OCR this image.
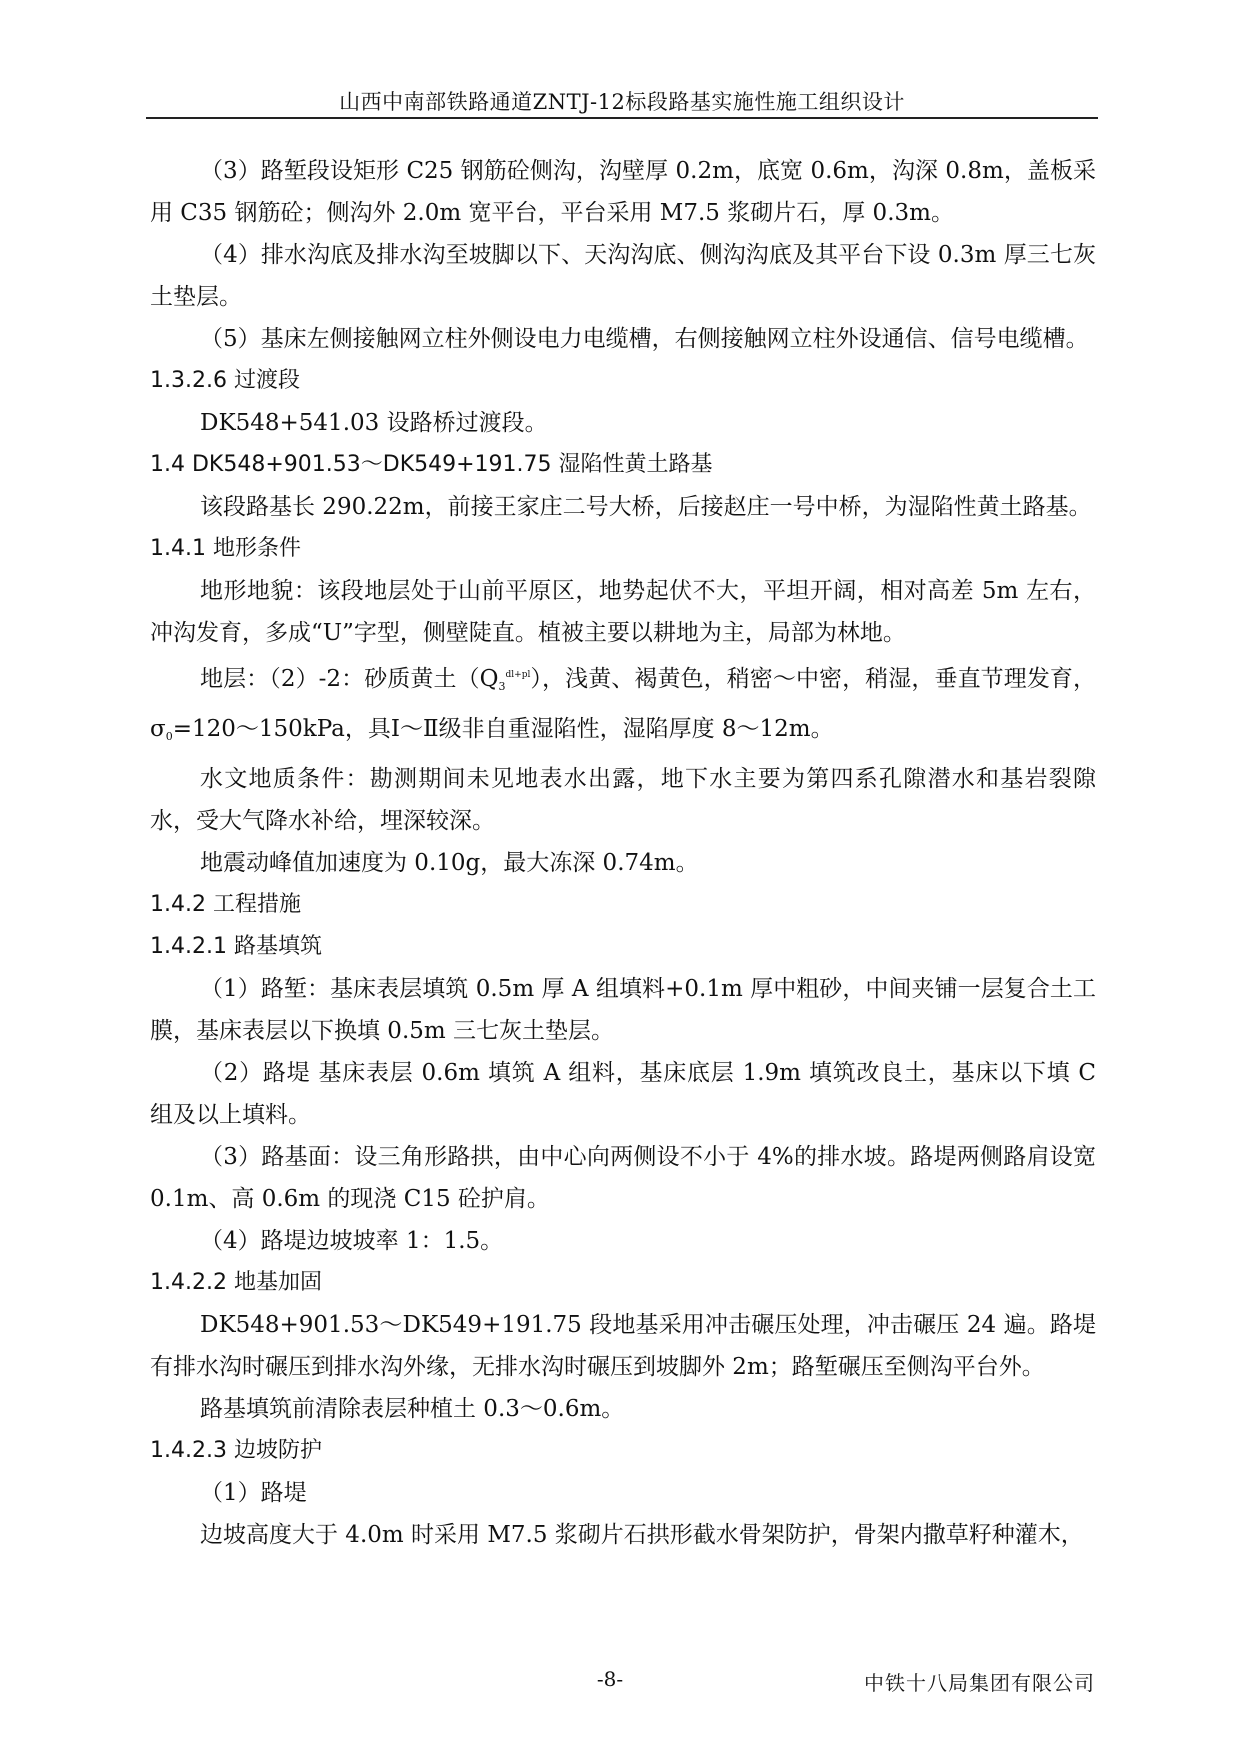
山西中南部铁路通道ZNTJ-12标段路基实施性施工组织设计

（3）路堑段设矩形 C25 钢筋砼侧沟，沟壁厚 0.2m，底宽 0.6m，沟深 0.8m，盖板采用 C35 钢筋砼；侧沟外 2.0m 宽平台，平台采用 M7.5 浆砌片石，厚 0.3m。

（4）排水沟底及排水沟至坡脚以下、天沟沟底、侧沟沟底及其平台下设 0.3m 厚三七灰土垫层。

（5）基床左侧接触网立柱外侧设电力电缆槽，右侧接触网立柱外设通信、信号电缆槽。

1.3.2.6 过渡段

DK548+541.03 设路桥过渡段。

1.4 DK548+901.53～DK549+191.75 湿陷性黄土路基

该段路基长 290.22m，前接王家庄二号大桥，后接赵庄一号中桥，为湿陷性黄土路基。

1.4.1 地形条件

地形地貌：该段地层处于山前平原区，地势起伏不大，平坦开阔，相对高差 5m 左右，冲沟发育，多成“U”字型，侧壁陡直。植被主要以耕地为主，局部为林地。

地层：（2）-2：砂质黄土$(Q_3^{dl+pl})$，浅黄、褐黄色，稍密～中密，稍湿，垂直节理发育，$\sigma_0=120\sim 150kPa$，具Ⅰ～Ⅱ级非自重湿陷性，湿陷厚度 8～12m。

水文地质条件：勘测期间未见地表水出露，地下水主要为第四系孔隙潜水和基岩裂隙水，受大气降水补给，埋深较深。

地震动峰值加速度为 0.10g，最大冻深 0.74m。

1.4.2 工程措施

1.4.2.1 路基填筑

（1）路堑：基床表层填筑 0.5m 厚 A 组填料+0.1m 厚中粗砂，中间夹铺一层复合土工膜，基床表层以下换填 0.5m 三七灰土垫层。

（2）路堤 基床表层 0.6m 填筑 A 组料，基床底层 1.9m 填筑改良土，基床以下填 C 组及以上填料。

（3）路基面：设三角形路拱，由中心向两侧设不小于 4%的排水坡。路堤两侧路肩设宽 0.1m、高 0.6m 的现浇 C15 砼护肩。

（4）路堤边坡坡率 1：1.5。

1.4.2.2 地基加固

DK548+901.53～DK549+191.75 段地基采用冲击碾压处理，冲击碾压 24 遍。路堤有排水沟时碾压到排水沟外缘，无排水沟时碾压到坡脚外 2m；路堑碾压至侧沟平台外。

路基填筑前清除表层种植土 0.3～0.6m。

1.4.2.3 边坡防护

（1）路堤

边坡高度大于 4.0m 时采用 M7.5 浆砌片石拱形截水骨架防护，骨架内撒草籽种灌木，

-8-	中铁十八局集团有限公司
